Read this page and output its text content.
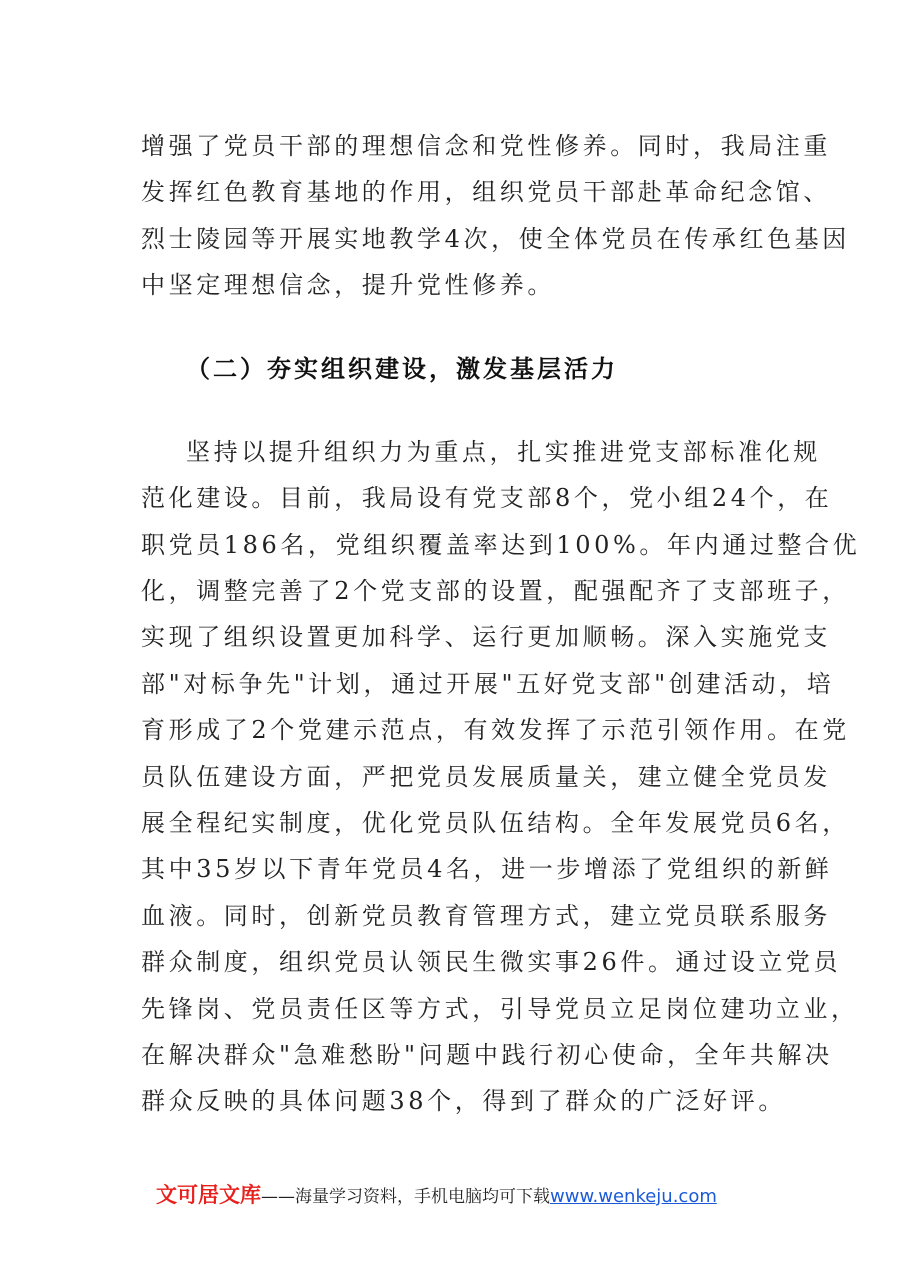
增强了党员干部的理想信念和党性修养。同时，我局注重
发挥红色教育基地的作用，组织党员干部赴革命纪念馆、
烈士陵园等开展实地教学4次，使全体党员在传承红色基因
中坚定理想信念，提升党性修养。
（二）夯实组织建设，激发基层活力
坚持以提升组织力为重点，扎实推进党支部标准化规
范化建设。目前，我局设有党支部8个，党小组24个，在
职党员186名，党组织覆盖率达到100%。年内通过整合优
化，调整完善了2个党支部的设置，配强配齐了支部班子，
实现了组织设置更加科学、运行更加顺畅。深入实施党支
部"对标争先"计划，通过开展"五好党支部"创建活动，培
育形成了2个党建示范点，有效发挥了示范引领作用。在党
员队伍建设方面，严把党员发展质量关，建立健全党员发
展全程纪实制度，优化党员队伍结构。全年发展党员6名，
其中35岁以下青年党员4名，进一步增添了党组织的新鲜
血液。同时，创新党员教育管理方式，建立党员联系服务
群众制度，组织党员认领民生微实事26件。通过设立党员
先锋岗、党员责任区等方式，引导党员立足岗位建功立业，
在解决群众"急难愁盼"问题中践行初心使命，全年共解决
群众反映的具体问题38个，得到了群众的广泛好评。
文可居文库——海量学习资料，手机电脑均可下载www.wenkeju.com
